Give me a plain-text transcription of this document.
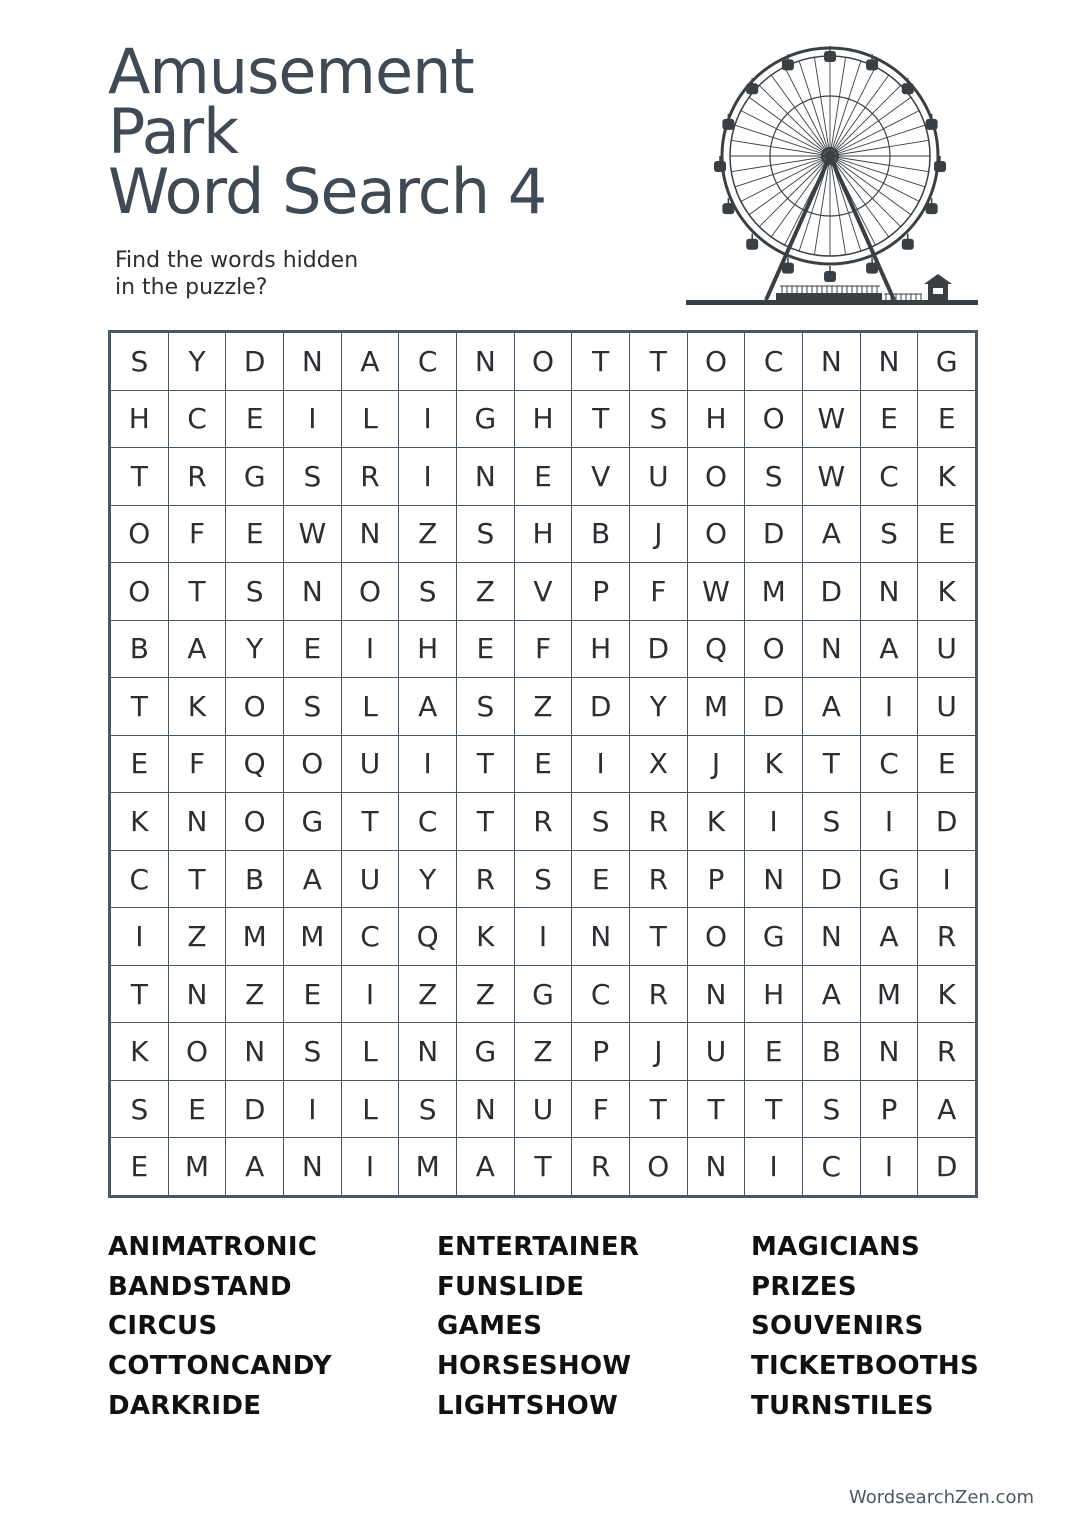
Amusement
Park
Word Search 4

Find the words hidden
in the puzzle?

S	Y	D	N	A	C	N	O	T	T	O	C	N	N	G
H	C	E	I	L	I	G	H	T	S	H	O	W	E	E
T	R	G	S	R	I	N	E	V	U	O	S	W	C	K
O	F	E	W	N	Z	S	H	B	J	O	D	A	S	E
O	T	S	N	O	S	Z	V	P	F	W	M	D	N	K
B	A	Y	E	I	H	E	F	H	D	Q	O	N	A	U
T	K	O	S	L	A	S	Z	D	Y	M	D	A	I	U
E	F	Q	O	U	I	T	E	I	X	J	K	T	C	E
K	N	O	G	T	C	T	R	S	R	K	I	S	I	D
C	T	B	A	U	Y	R	S	E	R	P	N	D	G	I
I	Z	M	M	C	Q	K	I	N	T	O	G	N	A	R
T	N	Z	E	I	Z	Z	G	C	R	N	H	A	M	K
K	O	N	S	L	N	G	Z	P	J	U	E	B	N	R
S	E	D	I	L	S	N	U	F	T	T	T	S	P	A
E	M	A	N	I	M	A	T	R	O	N	I	C	I	D
ANIMATRONIC
BANDSTAND
CIRCUS
COTTONCANDY
DARKRIDE
ENTERTAINER
FUNSLIDE
GAMES
HORSESHOW
LIGHTSHOW
MAGICIANS
PRIZES
SOUVENIRS
TICKETBOOTHS
TURNSTILES
WordsearchZen.com
